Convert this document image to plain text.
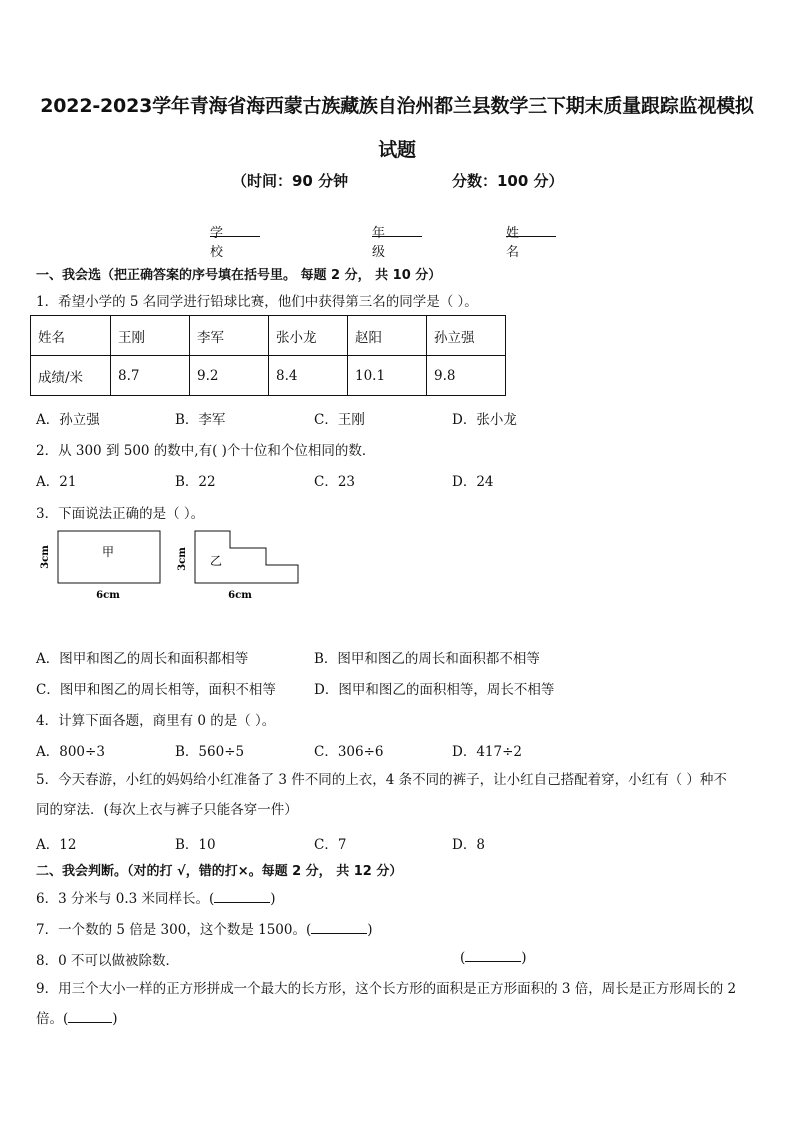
2022-2023学年青海省海西蒙古族藏族自治州都兰县数学三下期末质量跟踪监视模拟
试题
（时间：90 分钟	分数：100 分）
学校
年级
姓名
一、我会选（把正确答案的序号填在括号里。 每题 2 分， 共 10 分）
1．希望小学的 5 名同学进行铅球比赛，他们中获得第三名的同学是（ ）。
姓名	王刚	李军	张小龙	赵阳	孙立强
成绩/米	8.7	9.2	8.4	10.1	9.8
A．孙立强	B．李军	C．王刚	D．张小龙
2．从 300 到 500 的数中,有( )个十位和个位相同的数．
A．21	B．22	C．23	D．24
3．下面说法正确的是（ ）。
甲
3cm
6cm
乙
3cm
6cm
A．图甲和图乙的周长和面积都相等	B．图甲和图乙的周长和面积都不相等
C．图甲和图乙的周长相等，面积不相等	D．图甲和图乙的面积相等，周长不相等
4．计算下面各题，商里有 0 的是（ ）。
A．800÷3	B．560÷5	C．306÷6	D．417÷2
5．今天春游，小红的妈妈给小红准备了 3 件不同的上衣，4 条不同的裤子，让小红自己搭配着穿，小红有（ ）种不
同的穿法．(每次上衣与裤子只能各穿一件）
A．12	B．10	C．7	D．8
二、我会判断。（对的打 √，错的打×。每题 2 分， 共 12 分）
6．3 分米与 0.3 米同样长。(	)
7．一个数的 5 倍是 300，这个数是 1500。(	)
8．0 不可以做被除数．	(	)
9．用三个大小一样的正方形拼成一个最大的长方形，这个长方形的面积是正方形面积的 3 倍，周长是正方形周长的 2
倍。(	)
